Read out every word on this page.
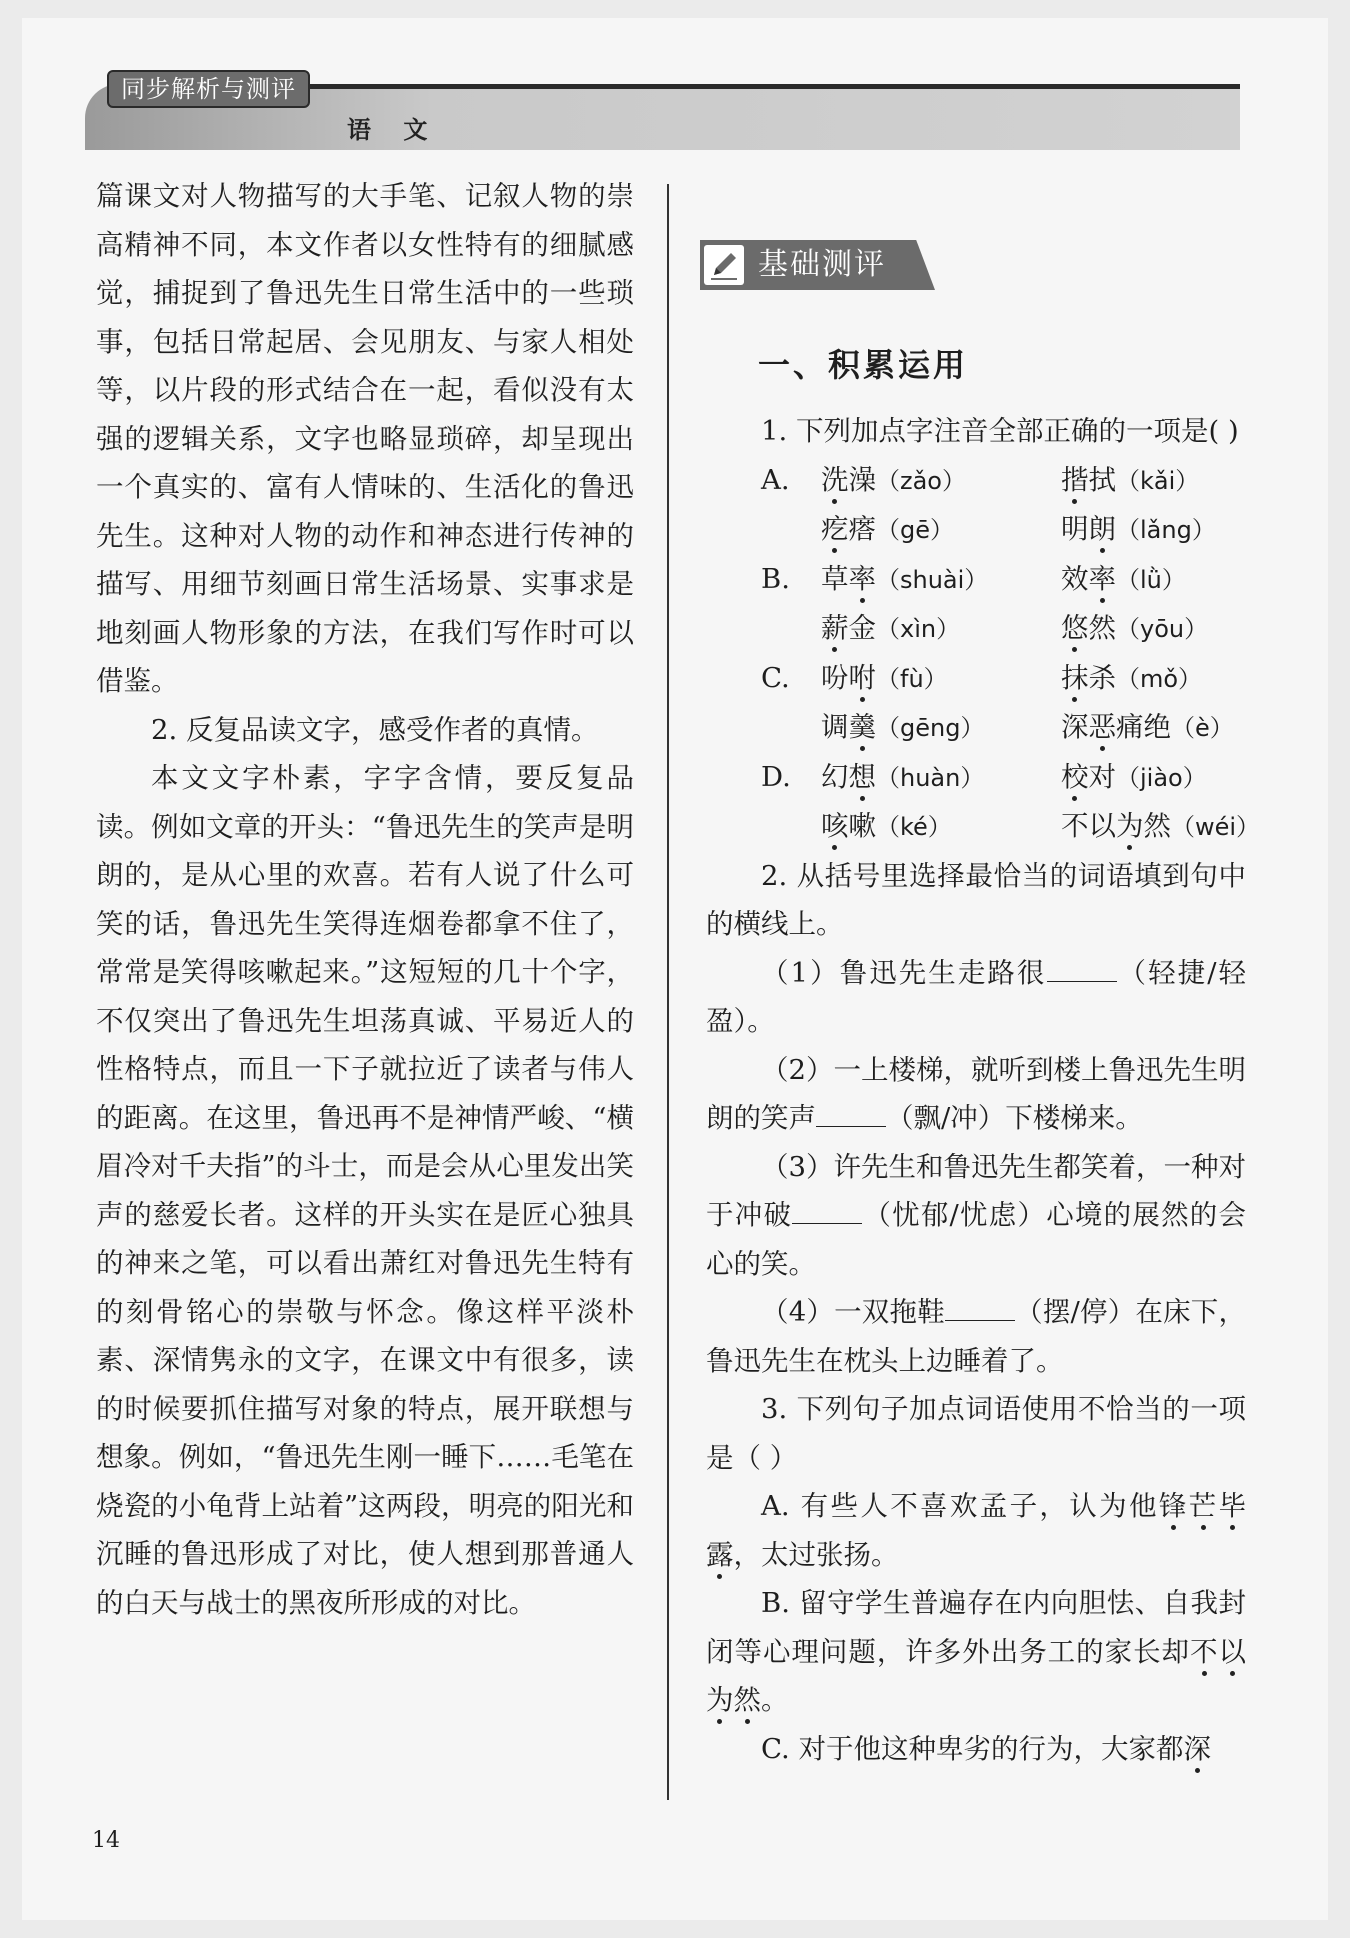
同步解析与测评
语 文

篇课文对人物描写的大手笔、记叙人物的崇高精神不同，本文作者以女性特有的细腻感觉，捕捉到了鲁迅先生日常生活中的一些琐事，包括日常起居、会见朋友、与家人相处等，以片段的形式结合在一起，看似没有太强的逻辑关系，文字也略显琐碎，却呈现出一个真实的、富有人情味的、生活化的鲁迅先生。这种对人物的动作和神态进行传神的描写、用细节刻画日常生活场景、实事求是地刻画人物形象的方法，在我们写作时可以借鉴。

2. 反复品读文字，感受作者的真情。

本文文字朴素，字字含情，要反复品读。例如文章的开头：“鲁迅先生的笑声是明朗的，是从心里的欢喜。若有人说了什么可笑的话，鲁迅先生笑得连烟卷都拿不住了，常常是笑得咳嗽起来。”这短短的几十个字，不仅突出了鲁迅先生坦荡真诚、平易近人的性格特点，而且一下子就拉近了读者与伟人的距离。在这里，鲁迅再不是神情严峻、“横眉冷对千夫指”的斗士，而是会从心里发出笑声的慈爱长者。这样的开头实在是匠心独具的神来之笔，可以看出萧红对鲁迅先生特有的刻骨铭心的崇敬与怀念。像这样平淡朴素、深情隽永的文字，在课文中有很多，读的时候要抓住描写对象的特点，展开联想与想象。例如，“鲁迅先生刚一睡下……毛笔在烧瓷的小龟背上站着”这两段，明亮的阳光和沉睡的鲁迅形成了对比，使人想到那普通人的白天与战士的黑夜所形成的对比。

基础测评
一、积累运用

1. 下列加点字注音全部正确的一项是( )

A.	洗澡（zǎo）	揩拭（kǎi）
疙瘩（gē）	明朗（lǎng）
B.	草率（shuài）	效率（lǜ）
薪金（xìn）	悠然（yōu）
C.	吩咐（fù）	抹杀（mǒ）
调羹（gēng）	深恶痛绝（è）
D.	幻想（huàn）	校对（jiào）
咳嗽（ké）	不以为然（wéi）

2. 从括号里选择最恰当的词语填到句中的横线上。

（1）鲁迅先生走路很	（轻捷/轻盈）。

（2）一上楼梯，就听到楼上鲁迅先生明朗的笑声	（飘/冲）下楼梯来。

（3）许先生和鲁迅先生都笑着，一种对于冲破	（忧郁/忧虑）心境的展然的会心的笑。

（4）一双拖鞋	（摆/停）在床下，鲁迅先生在枕头上边睡着了。

3. 下列句子加点词语使用不恰当的一项是（ ）

A. 有些人不喜欢孟子，认为他锋芒毕露，太过张扬。

B. 留守学生普遍存在内向胆怯、自我封闭等心理问题，许多外出务工的家长却不以为然。

C. 对于他这种卑劣的行为，大家都深

14
